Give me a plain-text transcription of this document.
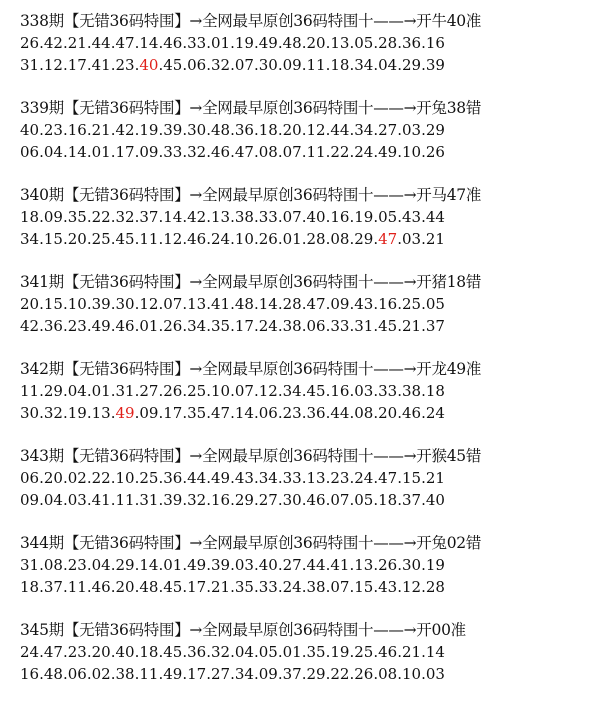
338期【无错36码特围】→全网最早原创36码特围十——→开牛40准
26.42.21.44.47.14.46.33.01.19.49.48.20.13.05.28.36.16
31.12.17.41.23.40.45.06.32.07.30.09.11.18.34.04.29.39
339期【无错36码特围】→全网最早原创36码特围十——→开兔38错
40.23.16.21.42.19.39.30.48.36.18.20.12.44.34.27.03.29
06.04.14.01.17.09.33.32.46.47.08.07.11.22.24.49.10.26
340期【无错36码特围】→全网最早原创36码特围十——→开马47准
18.09.35.22.32.37.14.42.13.38.33.07.40.16.19.05.43.44
34.15.20.25.45.11.12.46.24.10.26.01.28.08.29.47.03.21
341期【无错36码特围】→全网最早原创36码特围十——→开猪18错
20.15.10.39.30.12.07.13.41.48.14.28.47.09.43.16.25.05
42.36.23.49.46.01.26.34.35.17.24.38.06.33.31.45.21.37
342期【无错36码特围】→全网最早原创36码特围十——→开龙49准
11.29.04.01.31.27.26.25.10.07.12.34.45.16.03.33.38.18
30.32.19.13.49.09.17.35.47.14.06.23.36.44.08.20.46.24
343期【无错36码特围】→全网最早原创36码特围十——→开猴45错
06.20.02.22.10.25.36.44.49.43.34.33.13.23.24.47.15.21
09.04.03.41.11.31.39.32.16.29.27.30.46.07.05.18.37.40
344期【无错36码特围】→全网最早原创36码特围十——→开兔02错
31.08.23.04.29.14.01.49.39.03.40.27.44.41.13.26.30.19
18.37.11.46.20.48.45.17.21.35.33.24.38.07.15.43.12.28
345期【无错36码特围】→全网最早原创36码特围十——→开00准
24.47.23.20.40.18.45.36.32.04.05.01.35.19.25.46.21.14
16.48.06.02.38.11.49.17.27.34.09.37.29.22.26.08.10.03
